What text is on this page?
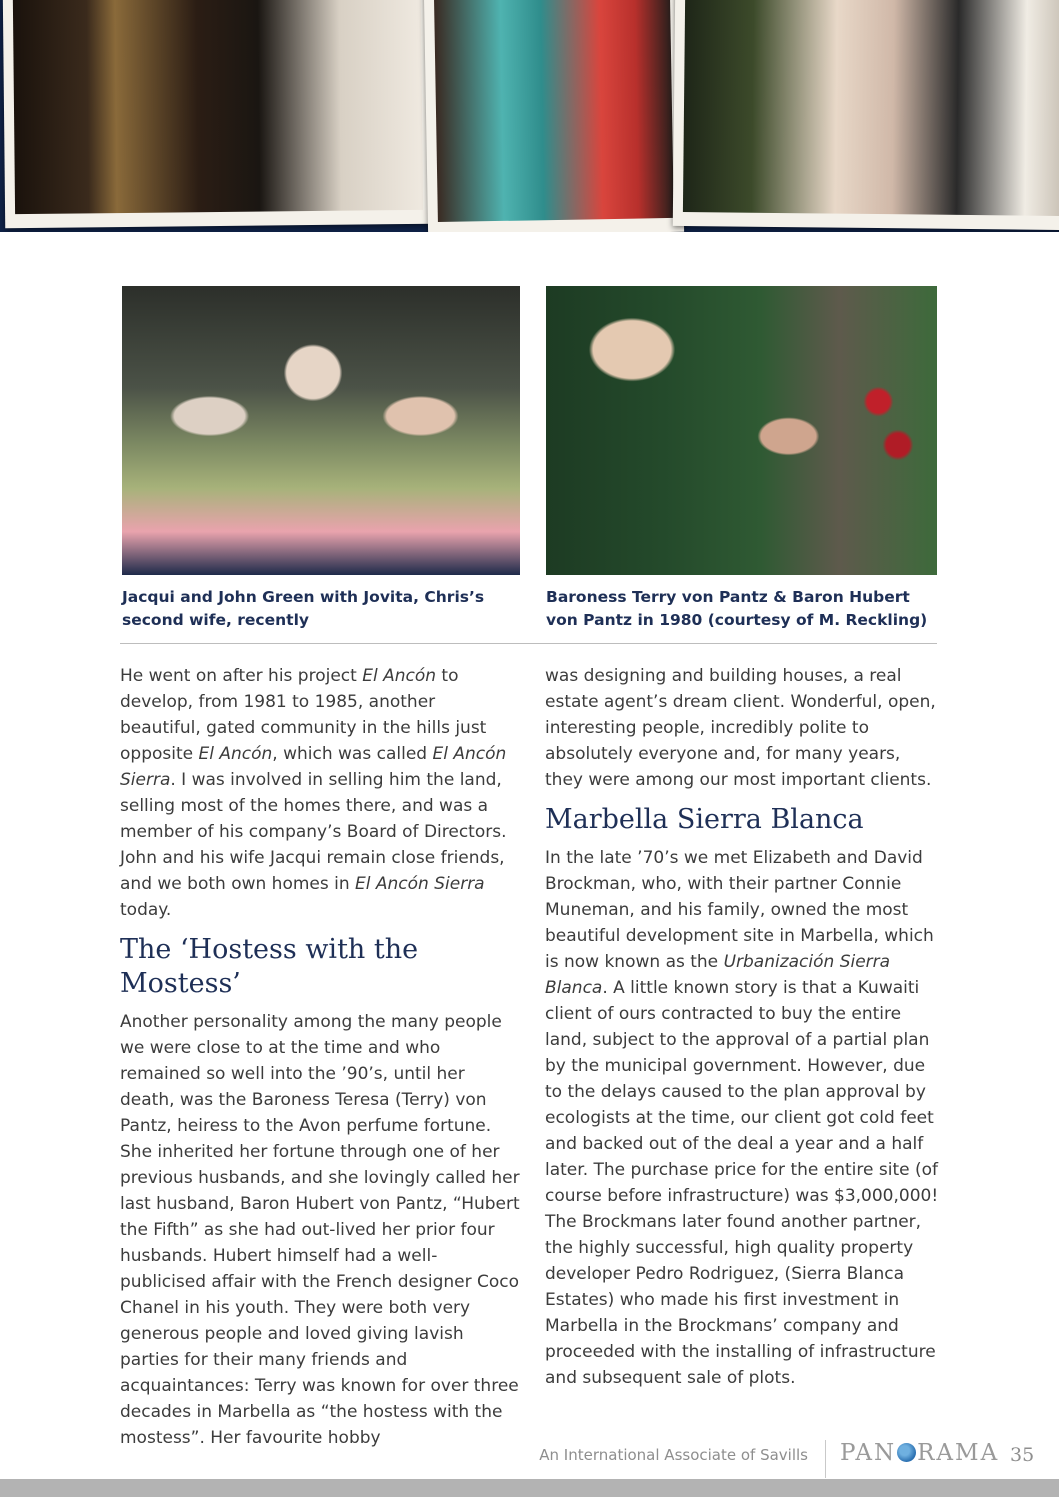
Jacqui and John Green with Jovita, Chris’s second wife, recently
Baroness Terry von Pantz & Baron Hubert von Pantz in 1980 (courtesy of M. Reckling)

He went on after his project El Ancón to develop, from 1981 to 1985, another beautiful, gated community in the hills just opposite El Ancón, which was called El Ancón Sierra. I was involved in selling him the land, selling most of the homes there, and was a member of his company’s Board of Directors. John and his wife Jacqui remain close friends, and we both own homes in El Ancón Sierra today.

The ‘Hostess with the Mostess’

Another personality among the many people we were close to at the time and who remained so well into the ’90’s, until her death, was the Baroness Teresa (Terry) von Pantz, heiress to the Avon perfume fortune. She inherited her fortune through one of her previous husbands, and she lovingly called her last husband, Baron Hubert von Pantz, “Hubert the Fifth” as she had out-lived her prior four husbands. Hubert himself had a well-publicised affair with the French designer Coco Chanel in his youth. They were both very generous people and loved giving lavish parties for their many friends and acquaintances: Terry was known for over three decades in Marbella as “the hostess with the mostess”. Her favourite hobby

was designing and building houses, a real estate agent’s dream client. Wonderful, open, interesting people, incredibly polite to absolutely everyone and, for many years, they were among our most important clients.

Marbella Sierra Blanca

In the late ’70’s we met Elizabeth and David Brockman, who, with their partner Connie Muneman, and his family, owned the most beautiful development site in Marbella, which is now known as the Urbanización Sierra Blanca. A little known story is that a Kuwaiti client of ours contracted to buy the entire land, subject to the approval of a partial plan by the municipal government. However, due to the delays caused to the plan approval by ecologists at the time, our client got cold feet and backed out of the deal a year and a half later. The purchase price for the entire site (of course before infrastructure) was $3,000,000! The Brockmans later found another partner, the highly successful, high quality property developer Pedro Rodriguez, (Sierra Blanca Estates) who made his first investment in Marbella in the Brockmans’ company and proceeded with the installing of infrastructure and subsequent sale of plots.

An International Associate of Savills PAN RAMA 35
